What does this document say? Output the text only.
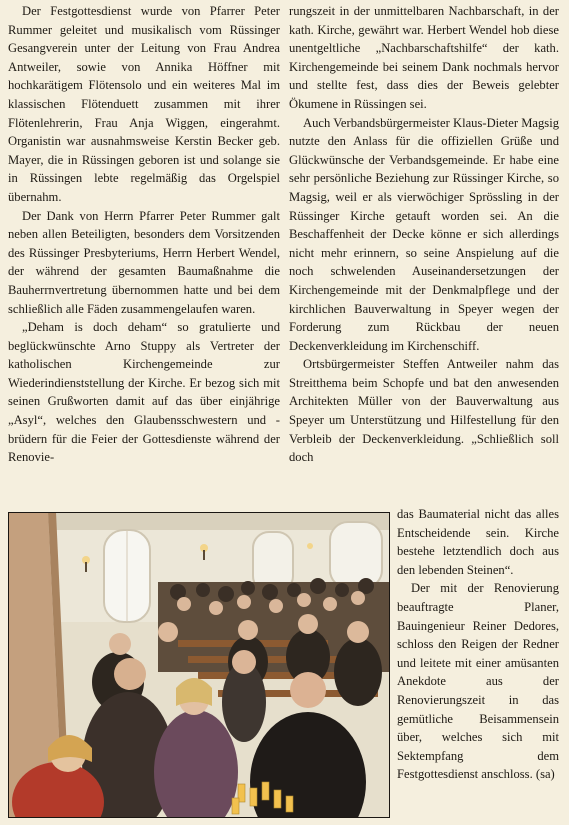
Der Festgottesdienst wurde von Pfarrer Peter Rummer geleitet und musikalisch vom Rüssinger Gesangverein unter der Leitung von Frau Andrea Antweiler, sowie von Annika Höffner mit hochkarätigem Flötensolo und ein weiteres Mal im klassischen Flötenduett zusammen mit ihrer Flötenlehrerin, Frau Anja Wiggen, eingerahmt. Organistin war ausnahmsweise Kerstin Becker geb. Mayer, die in Rüssingen geboren ist und solange sie in Rüssingen lebte regelmäßig das Orgelspiel übernahm.

Der Dank von Herrn Pfarrer Peter Rummer galt neben allen Beteiligten, besonders dem Vorsitzenden des Rüssinger Presbyteriums, Herrn Herbert Wendel, der während der gesamten Baumaßnahme die Bauherrnvertretung übernommen hatte und bei dem schließlich alle Fäden zusammengelaufen waren.

„Deham is doch deham“ so gratulierte und beglückwünschte Arno Stuppy als Vertreter der katholischen Kirchengemeinde zur Wiederindienststellung der Kirche. Er bezog sich mit seinen Grußworten damit auf das über einjährige „Asyl“, welches den Glaubensschwestern und -brüdern für die Feier der Gottesdienste während der Renovie-

rungszeit in der unmittelbaren Nachbarschaft, in der kath. Kirche, gewährt war. Herbert Wendel hob diese unentgeltliche „Nachbarschaftshilfe“ der kath. Kirchengemeinde bei seinem Dank nochmals hervor und stellte fest, dass dies der Beweis gelebter Ökumene in Rüssingen sei.

Auch Verbandsbürgermeister Klaus-Dieter Magsig nutzte den Anlass für die offiziellen Grüße und Glückwünsche der Verbandsgemeinde. Er habe eine sehr persönliche Beziehung zur Rüssinger Kirche, so Magsig, weil er als vierwöchiger Sprössling in der Rüssinger Kirche getauft worden sei. An die Beschaffenheit der Decke könne er sich allerdings nicht mehr erinnern, so seine Anspielung auf die noch schwelenden Auseinandersetzungen der Kirchengemeinde mit der Denkmalpflege und der kirchlichen Bauverwaltung in Speyer wegen der Forderung zum Rückbau der neuen Deckenverkleidung im Kirchenschiff.

Ortsbürgermeister Steffen Antweiler nahm das Streitthema beim Schopfe und bat den anwesenden Architekten Müller von der Bauverwaltung aus Speyer um Unterstützung und Hilfestellung für den Verbleib der Deckenverkleidung. „Schließlich soll doch

das Baumaterial nicht das alles Entscheidende sein. Kirche bestehe letztendlich doch aus den lebenden Steinen“.

Der mit der Renovierung beauftragte Planer, Bauingenieur Reiner Dedores, schloss den Reigen der Redner und leitete mit einer amüsanten Anekdote aus der Renovierungszeit in das gemütliche Beisammensein über, welches sich mit Sektempfang dem Festgottesdienst anschloss. (sa)
